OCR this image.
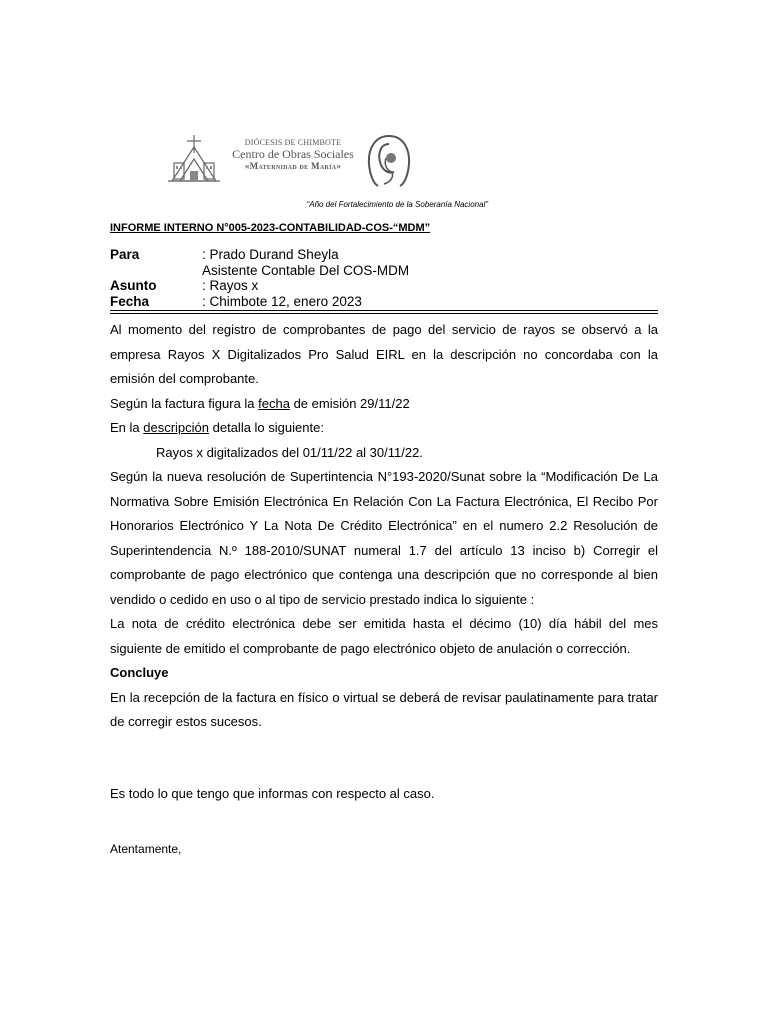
DIÓCESIS DE CHIMBOTE
Centro de Obras Sociales
«Maternidad de María»
“Año del Fortalecimiento de la Soberanía Nacional”
INFORME INTERNO N°005-2023-CONTABILIDAD-COS-“MDM”
Para	: Prado Durand Sheyla
Asistente Contable Del COS-MDM
Asunto	: Rayos x
Fecha	: Chimbote 12, enero 2023

Al momento del registro de comprobantes de pago del servicio de rayos se observó a la empresa Rayos X Digitalizados Pro Salud EIRL en la descripción no concordaba con la emisión del comprobante.

Según la factura figura la fecha de emisión 29/11/22

En la descripción detalla lo siguiente:

Rayos x digitalizados del 01/11/22 al 30/11/22.

Según la nueva resolución de Supertintencia N°193-2020/Sunat sobre la “Modificación De La Normativa Sobre Emisión Electrónica En Relación Con La Factura Electrónica, El Recibo Por Honorarios Electrónico Y La Nota De Crédito Electrónica” en el numero 2.2 Resolución de Superintendencia N.º 188-2010/SUNAT numeral 1.7 del artículo 13 inciso b) Corregir el comprobante de pago electrónico que contenga una descripción que no corresponde al bien vendido o cedido en uso o al tipo de servicio prestado indica lo siguiente :

La nota de crédito electrónica debe ser emitida hasta el décimo (10) día hábil del mes siguiente de emitido el comprobante de pago electrónico objeto de anulación o corrección.

Concluye

En la recepción de la factura en físico o virtual se deberá de revisar paulatinamente para tratar de corregir estos sucesos.

Es todo lo que tengo que informas con respecto al caso.
Atentamente,
